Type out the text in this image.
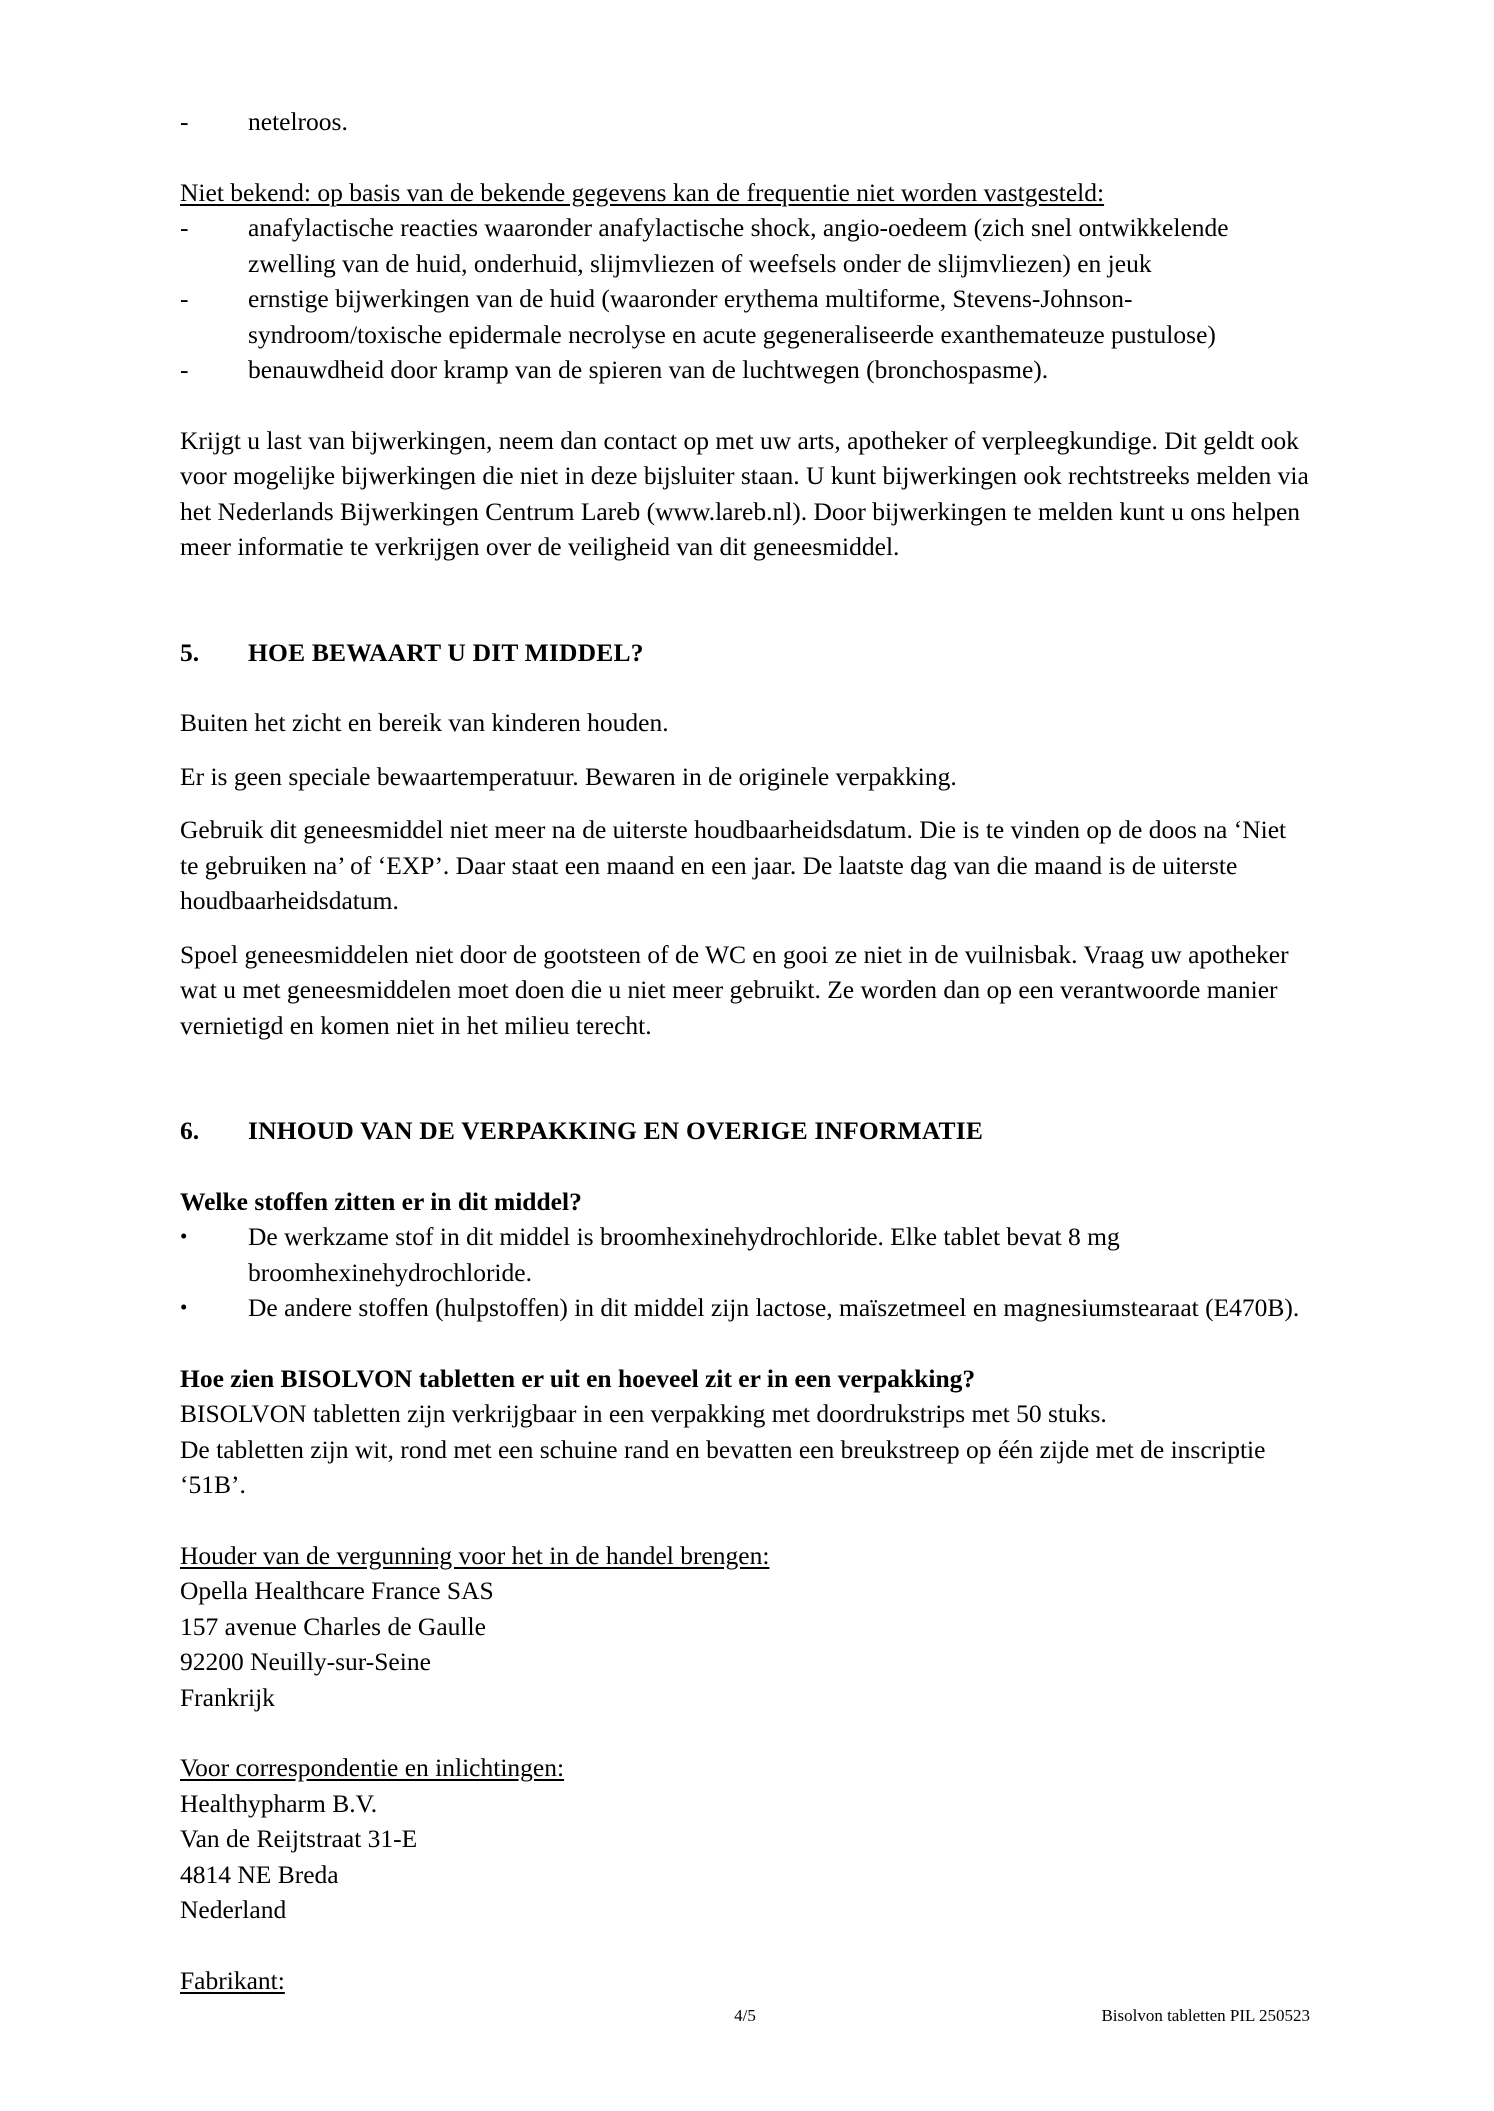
-	netelroos.
Niet bekend: op basis van de bekende gegevens kan de frequentie niet worden vastgesteld:
-	anafylactische reacties waaronder anafylactische shock, angio-oedeem (zich snel ontwikkelende zwelling van de huid, onderhuid, slijmvliezen of weefsels onder de slijmvliezen) en jeuk
-	ernstige bijwerkingen van de huid (waaronder erythema multiforme, Stevens-Johnson-syndroom/toxische epidermale necrolyse en acute gegeneraliseerde exanthemateuze pustulose)
-	benauwdheid door kramp van de spieren van de luchtwegen (bronchospasme).

Krijgt u last van bijwerkingen, neem dan contact op met uw arts, apotheker of verpleegkundige. Dit geldt ook voor mogelijke bijwerkingen die niet in deze bijsluiter staan. U kunt bijwerkingen ook rechtstreeks melden via het Nederlands Bijwerkingen Centrum Lareb (www.lareb.nl). Door bijwerkingen te melden kunt u ons helpen meer informatie te verkrijgen over de veiligheid van dit geneesmiddel.

5.	HOE BEWAART U DIT MIDDEL?

Buiten het zicht en bereik van kinderen houden.

Er is geen speciale bewaartemperatuur. Bewaren in de originele verpakking.

Gebruik dit geneesmiddel niet meer na de uiterste houdbaarheidsdatum. Die is te vinden op de doos na ‘Niet te gebruiken na’ of ‘EXP’. Daar staat een maand en een jaar. De laatste dag van die maand is de uiterste houdbaarheidsdatum.

Spoel geneesmiddelen niet door de gootsteen of de WC en gooi ze niet in de vuilnisbak. Vraag uw apotheker wat u met geneesmiddelen moet doen die u niet meer gebruikt. Ze worden dan op een verantwoorde manier vernietigd en komen niet in het milieu terecht.

6.	INHOUD VAN DE VERPAKKING EN OVERIGE INFORMATIE
Welke stoffen zitten er in dit middel?
•	De werkzame stof in dit middel is broomhexinehydrochloride. Elke tablet bevat 8 mg broomhexinehydrochloride.
•	De andere stoffen (hulpstoffen) in dit middel zijn lactose, maïszetmeel en magnesiumstearaat (E470B).
Hoe zien BISOLVON tabletten er uit en hoeveel zit er in een verpakking?
BISOLVON tabletten zijn verkrijgbaar in een verpakking met doordrukstrips met 50 stuks.
De tabletten zijn wit, rond met een schuine rand en bevatten een breukstreep op één zijde met de inscriptie ‘51B’.
Houder van de vergunning voor het in de handel brengen:
Opella Healthcare France SAS
157 avenue Charles de Gaulle
92200 Neuilly-sur-Seine
Frankrijk
Voor correspondentie en inlichtingen:
Healthypharm B.V.
Van de Reijtstraat 31-E
4814 NE Breda
Nederland
Fabrikant:
4/5	Bisolvon tabletten PIL 250523
